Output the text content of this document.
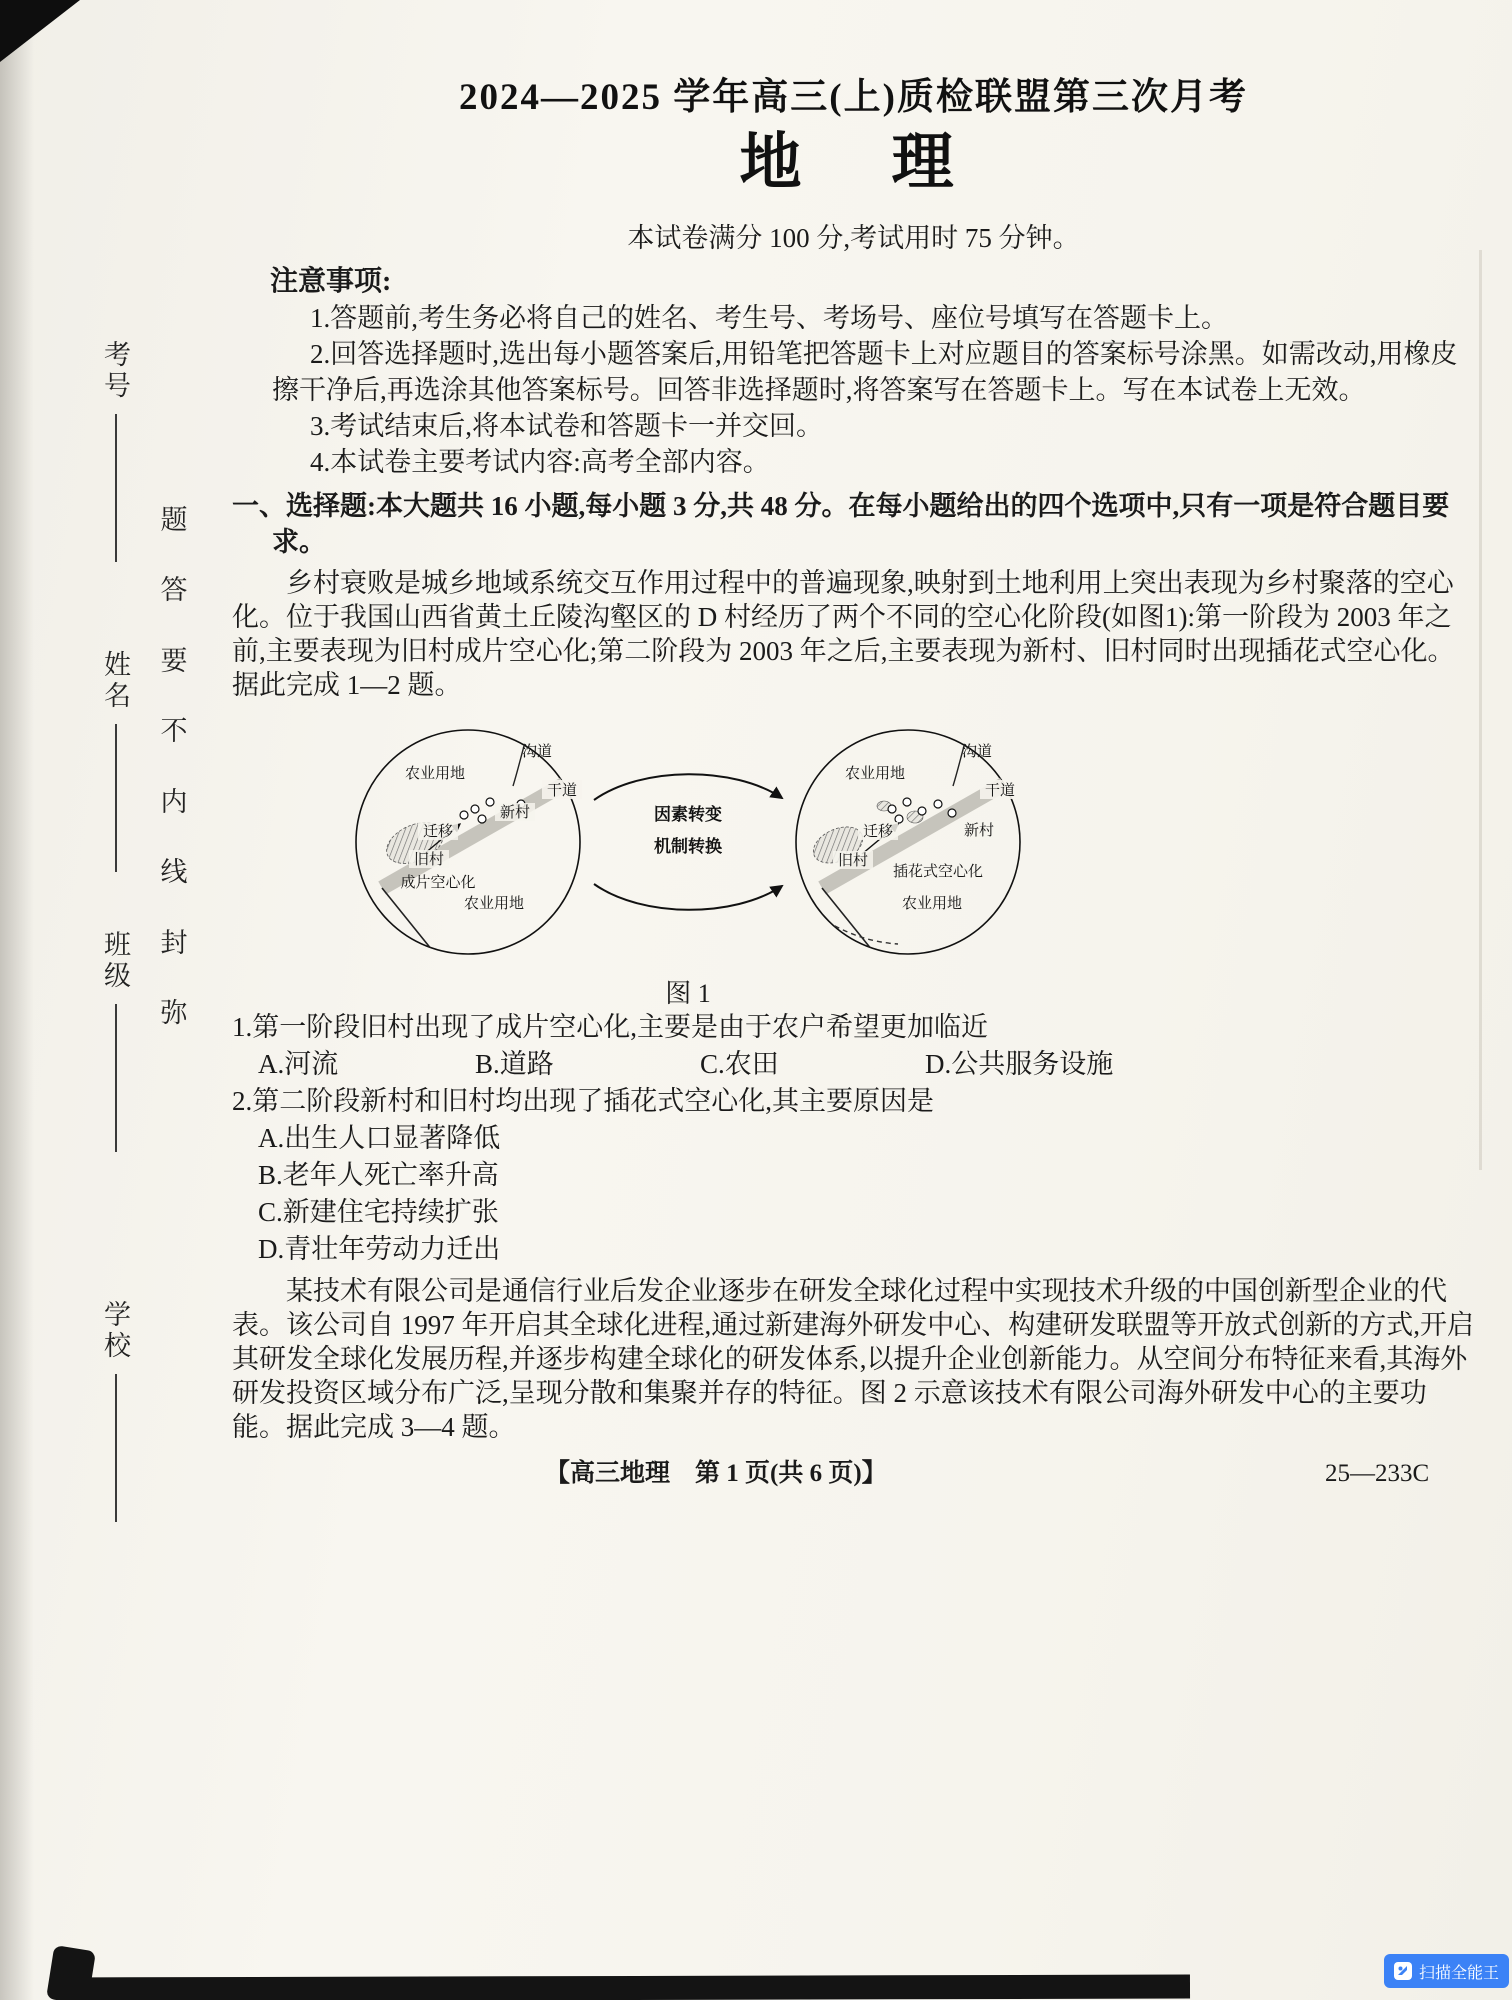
考号
姓名
班级
学校
题
答
要
不
内
线
封
弥
2024—2025 学年高三(上)质检联盟第三次月考
地　理
本试卷满分 100 分,考试用时 75 分钟。
注意事项:

1.答题前,考生务必将自己的姓名、考生号、考场号、座位号填写在答题卡上。

2.回答选择题时,选出每小题答案后,用铅笔把答题卡上对应题目的答案标号涂黑。如需改动,用橡皮擦干净后,再选涂其他答案标号。回答非选择题时,将答案写在答题卡上。写在本试卷上无效。

3.考试结束后,将本试卷和答题卡一并交回。

4.本试卷主要考试内容:高考全部内容。

一、选择题:本大题共 16 小题,每小题 3 分,共 48 分。在每小题给出的四个选项中,只有一项是符合题目要求。

乡村衰败是城乡地域系统交互作用过程中的普遍现象,映射到土地利用上突出表现为乡村聚落的空心化。位于我国山西省黄土丘陵沟壑区的 D 村经历了两个不同的空心化阶段(如图1):第一阶段为 2003 年之前,主要表现为旧村成片空心化;第二阶段为 2003 年之后,主要表现为新村、旧村同时出现插花式空心化。据此完成 1—2 题。

农业用地
沟道
干道
新村
迁移
旧村
成片空心化
农业用地
因素转变
机制转换
农业用地
沟道
干道
新村
迁移
旧村
插花式空心化
农业用地
图 1

1.第一阶段旧村出现了成片空心化,主要是由于农户希望更加临近

A.河流	B.道路	C.农田	D.公共服务设施

2.第二阶段新村和旧村均出现了插花式空心化,其主要原因是

A.出生人口显著降低

B.老年人死亡率升高

C.新建住宅持续扩张

D.青壮年劳动力迁出

某技术有限公司是通信行业后发企业逐步在研发全球化过程中实现技术升级的中国创新型企业的代表。该公司自 1997 年开启其全球化进程,通过新建海外研发中心、构建研发联盟等开放式创新的方式,开启其研发全球化发展历程,并逐步构建全球化的研发体系,以提升企业创新能力。从空间分布特征来看,其海外研发投资区域分布广泛,呈现分散和集聚并存的特征。图 2 示意该技术有限公司海外研发中心的主要功能。据此完成 3—4 题。

【高三地理　第 1 页(共 6 页)】	25—233C
扫描全能王
